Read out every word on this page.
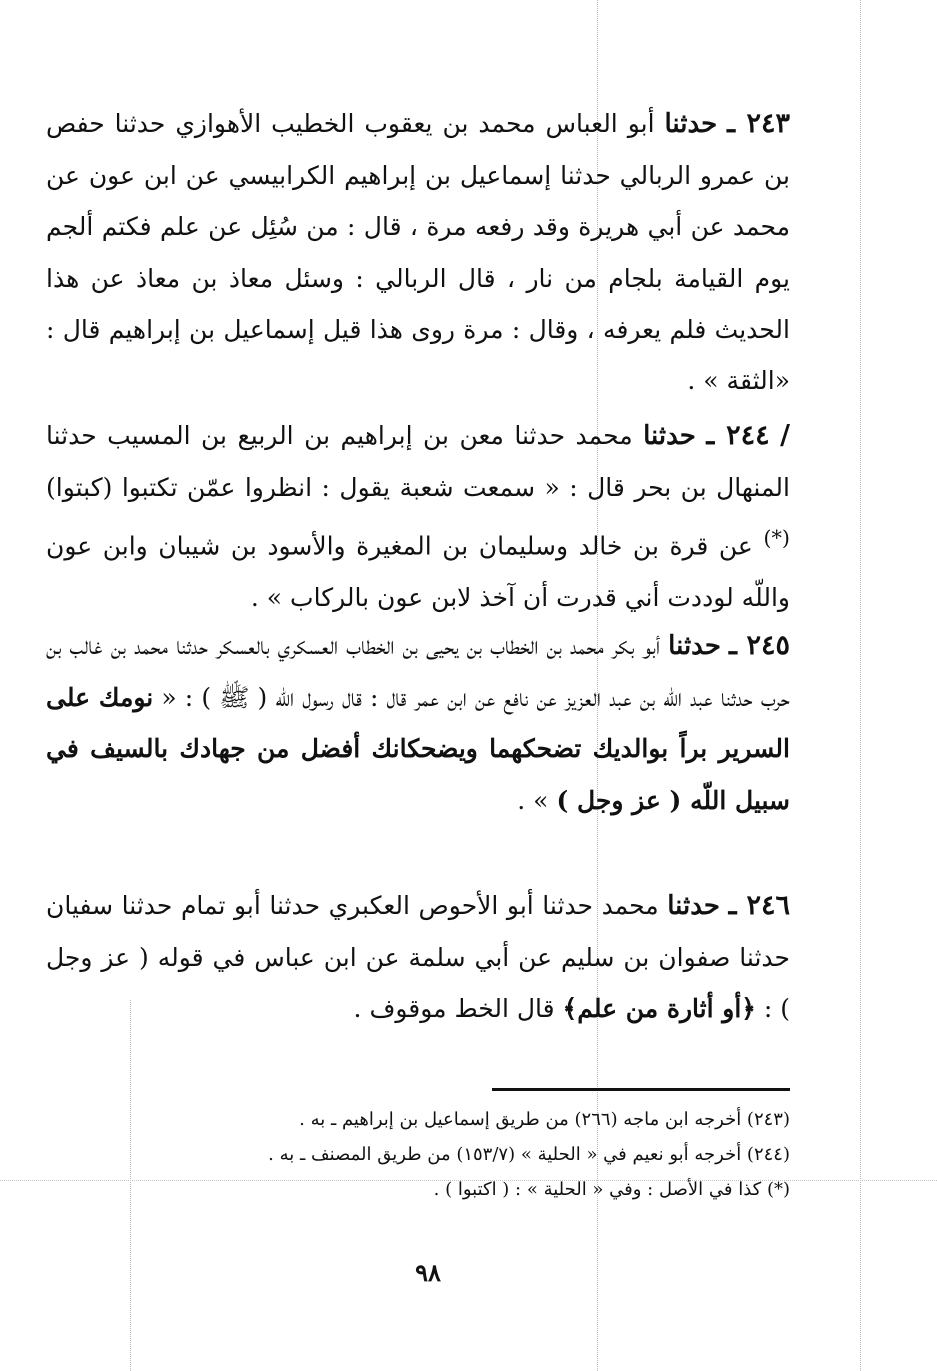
٢٤٣ ـ حدثنا أبو العباس محمد بن يعقوب الخطيب الأهوازي حدثنا حفص بن عمرو الربالي حدثنا إسماعيل بن إبراهيم الكرابيسي عن ابن عون عن محمد عن أبي هريرة وقد رفعه مرة ، قال : من سُئِل عن علم فكتم ألجم يوم القيامة بلجام من نار ، قال الربالي : وسئل معاذ بن معاذ عن هذا الحديث فلم يعرفه ، وقال : مرة روى هذا قيل إسماعيل بن إبراهيم قال : «الثقة » .
/ ٢٤٤ ـ حدثنا محمد حدثنا معن بن إبراهيم بن الربيع بن المسيب حدثنا المنهال بن بحر قال : « سمعت شعبة يقول : انظروا عمّن تكتبوا (كبتوا)(*) عن قرة بن خالد وسليمان بن المغيرة والأسود بن شيبان وابن عون واللّه لوددت أني قدرت أن آخذ لابن عون بالركاب » .
٢٤٥ ـ حدثنا أبو بكر محمد بن الخطاب بن يحيى بن الخطاب العسكري بالعسكر حدثنا محمد بن غالب بن حرب حدثنا عبد اللّه بن عبد العزيز عن نافع عن ابن عمر قال : قال رسول اللّه ( ﷺ ) : « نومك على السرير براً بوالديك تضحكهما ويضحكانك أفضل من جهادك بالسيف في سبيل اللّه ( عز وجل ) » .
٢٤٦ ـ حدثنا محمد حدثنا أبو الأحوص العكبري حدثنا أبو تمام حدثنا سفيان حدثنا صفوان بن سليم عن أبي سلمة عن ابن عباس في قوله ( عز وجل ) : ﴿أو أثارة من علم﴾ قال الخط موقوف .
(٢٤٣) أخرجه ابن ماجه (٢٦٦) من طريق إسماعيل بن إبراهيم ـ به .
(٢٤٤) أخرجه أبو نعيم في « الحلية » (١٥٣/٧) من طريق المصنف ـ به .
(*) كذا في الأصل : وفي « الحلية » : ( اكتبوا ) .
٩٨
